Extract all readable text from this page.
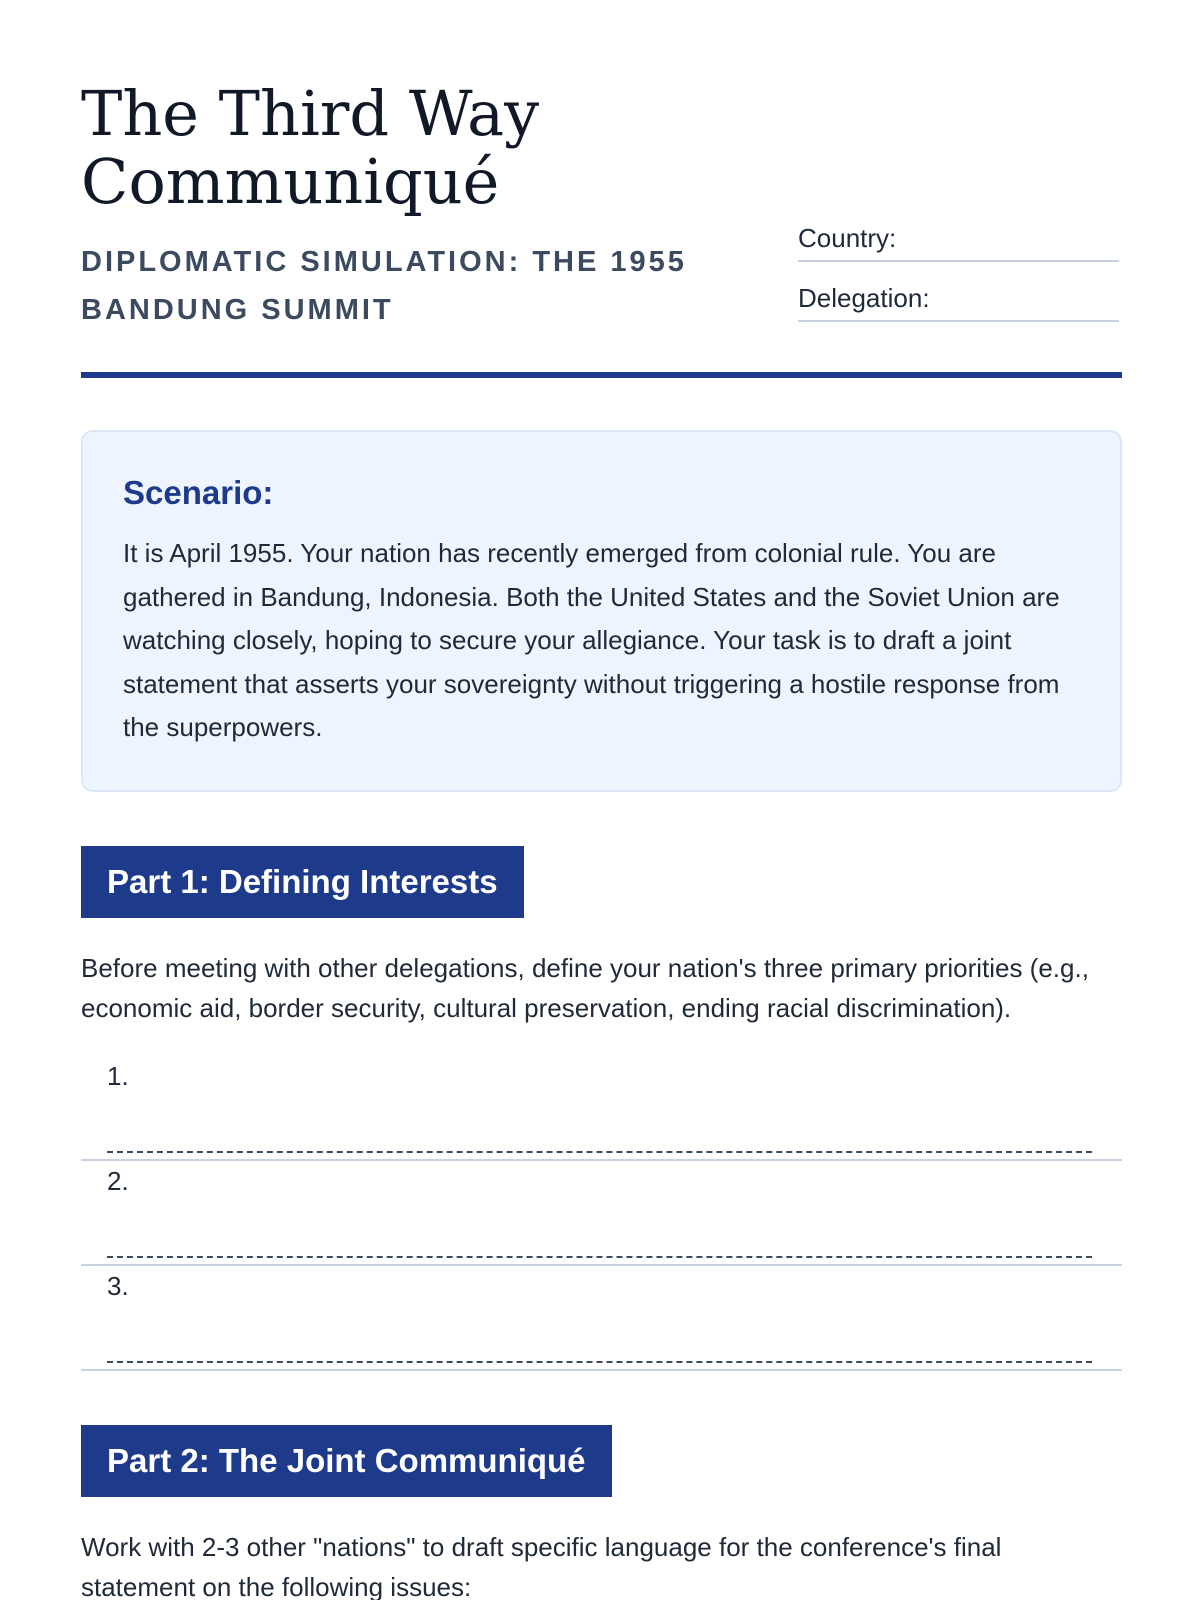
The Third Way Communiqué

DIPLOMATIC SIMULATION: THE 1955 BANDUNG SUMMIT

Country:
Delegation:
Scenario:

It is April 1955. Your nation has recently emerged from colonial rule. You are gathered in Bandung, Indonesia. Both the United States and the Soviet Union are watching closely, hoping to secure your allegiance. Your task is to draft a joint statement that asserts your sovereignty without triggering a hostile response from the superpowers.

Part 1: Defining Interests

Before meeting with other delegations, define your nation's three primary priorities (e.g., economic aid, border security, cultural preservation, ending racial discrimination).

1.
2.
3.
Part 2: The Joint Communiqué

Work with 2-3 other "nations" to draft specific language for the conference's final statement on the following issues:
